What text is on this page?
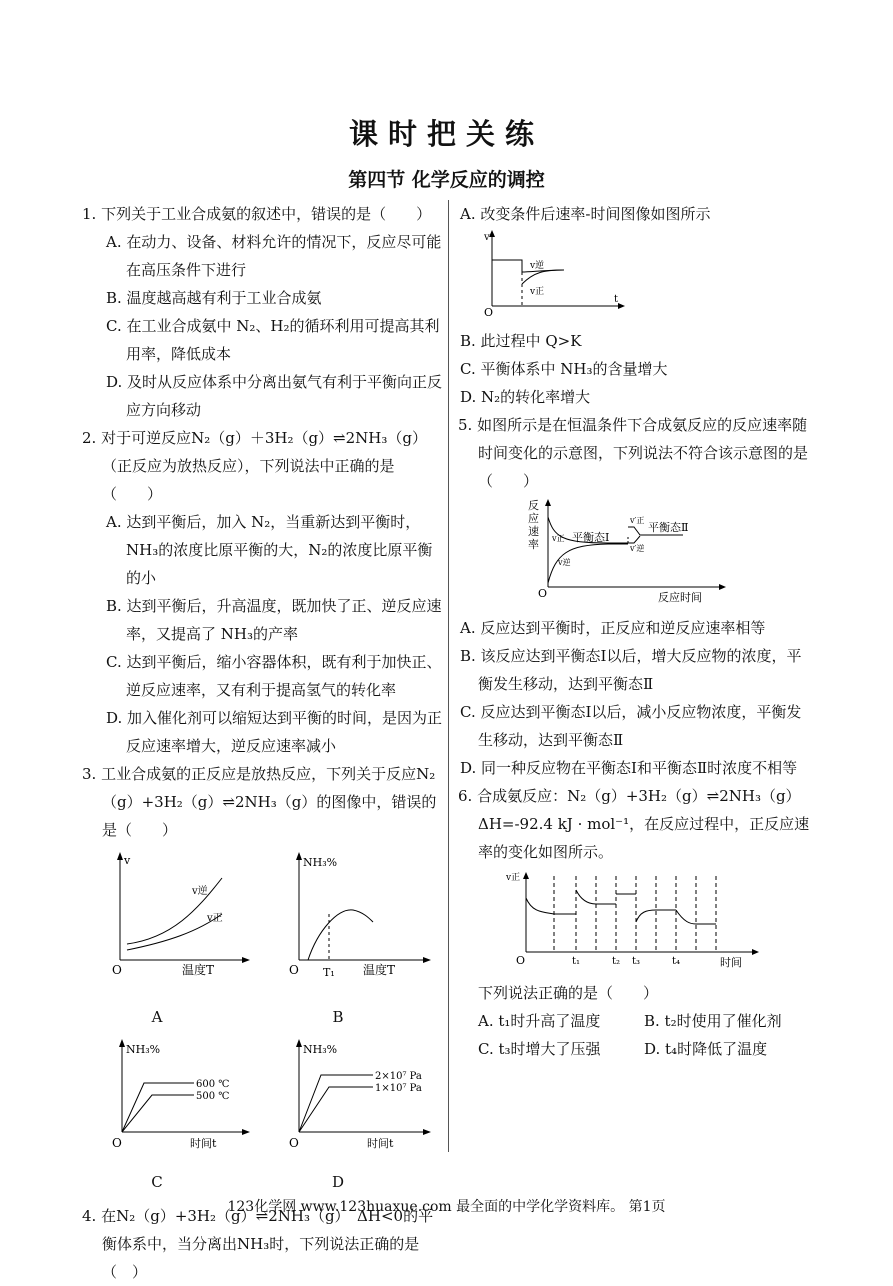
课时把关练
第四节 化学反应的调控
1. 下列关于工业合成氨的叙述中，错误的是（　　）
A. 在动力、设备、材料允许的情况下，反应尽可能在高压条件下进行
B. 温度越高越有利于工业合成氨
C. 在工业合成氨中 N₂、H₂的循环利用可提高其利用率，降低成本
D. 及时从反应体系中分离出氨气有利于平衡向正反应方向移动
2. 对于可逆反应N₂（g）＋3H₂（g）⇌2NH₃（g）（正反应为放热反应），下列说法中正确的是（　　）
A. 达到平衡后，加入 N₂，当重新达到平衡时，NH₃的浓度比原平衡的大，N₂的浓度比原平衡的小
B. 达到平衡后，升高温度，既加快了正、逆反应速率，又提高了 NH₃的产率
C. 达到平衡后，缩小容器体积，既有利于加快正、逆反应速率，又有利于提高氢气的转化率
D. 加入催化剂可以缩短达到平衡的时间，是因为正反应速率增大，逆反应速率减小
3. 工业合成氨的正反应是放热反应，下列关于反应N₂（g）+3H₂（g）⇌2NH₃（g）的图像中，错误的是（　　）
v
O	温度T
v逆
v正
A
NH₃%
O T₁ 温度T
B
NH₃%
O	时间t
600 ℃
500 ℃
C
NH₃%
O	时间t
2×10⁷ Pa
1×10⁷ Pa
D
4. 在N₂（g）+3H₂（g）⇌2NH₃（g）　ΔH<0的平衡体系中，当分离出NH₃时，下列说法正确的是（　）
A. 改变条件后速率-时间图像如图所示
v
O
t
v逆
v正
B. 此过程中 Q>K
C. 平衡体系中 NH₃的含量增大
D. N₂的转化率增大
5. 如图所示是在恒温条件下合成氨反应的反应速率随时间变化的示意图，下列说法不符合该示意图的是（　　）
反
应
速
率
O	反应时间
平衡态Ⅰ
平衡态Ⅱ
v正
v逆
v′正
v′逆
A. 反应达到平衡时，正反应和逆反应速率相等
B. 该反应达到平衡态Ⅰ以后，增大反应物的浓度，平衡发生移动，达到平衡态Ⅱ
C. 反应达到平衡态Ⅰ以后，减小反应物浓度，平衡发生移动，达到平衡态Ⅱ
D. 同一种反应物在平衡态Ⅰ和平衡态Ⅱ时浓度不相等
6. 合成氨反应：N₂（g）+3H₂（g）⇌2NH₃（g）ΔH=-92.4 kJ · mol⁻¹，在反应过程中，正反应速率的变化如图所示。
v正
O	t₁	t₂ t₃	t₄	时间
下列说法正确的是（　　）
A. t₁时升高了温度	B. t₂时使用了催化剂
C. t₃时增大了压强	D. t₄时降低了温度
123化学网 www.123huaxue.com 最全面的中学化学资料库。 第1页
